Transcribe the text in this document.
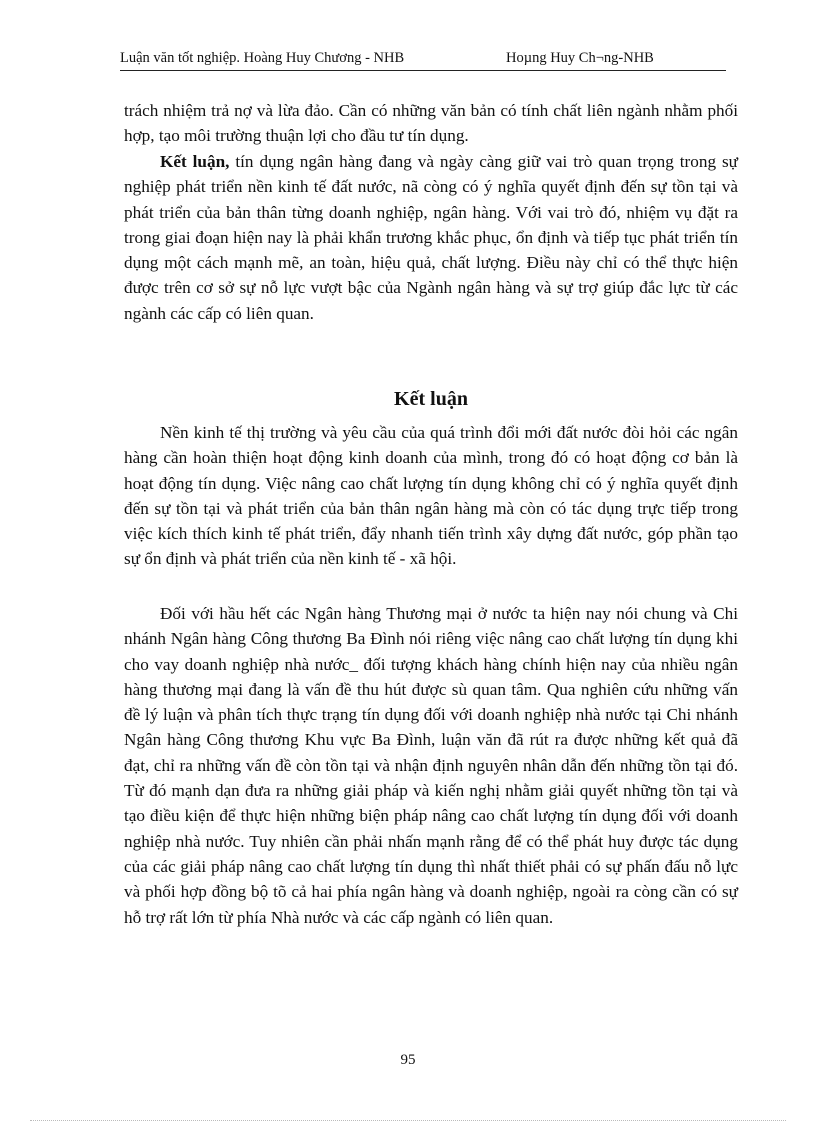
Luận văn tốt nghiệp. Hoàng Huy Chương - NHB	Hoµng Huy Ch¬ng-NHB
trách nhiệm trả nợ và lừa đảo. Cần có những văn bản có tính chất liên ngành nhằm phối hợp, tạo môi trường thuận lợi cho đầu tư tín dụng.
Kết luận, tín dụng ngân hàng đang và ngày càng giữ vai trò quan trọng trong sự nghiệp phát triển nền kinh tế đất nước, nã còng có ý nghĩa quyết định đến sự tồn tại và phát triển của bản thân từng doanh nghiệp, ngân hàng. Với vai trò đó, nhiệm vụ đặt ra trong giai đoạn hiện nay là phải khẩn trương khắc phục, ổn định và tiếp tục phát triển tín dụng một cách mạnh mẽ, an toàn, hiệu quả, chất lượng. Điều này chỉ có thể thực hiện được trên cơ sở sự nỗ lực vượt bậc của Ngành ngân hàng và sự trợ giúp đắc lực từ các ngành các cấp có liên quan.
Kết luận
Nền kinh tế thị trường và yêu cầu của quá trình đổi mới đất nước đòi hỏi các ngân hàng cần hoàn thiện hoạt động kinh doanh của mình, trong đó có hoạt động cơ bản là hoạt động tín dụng. Việc nâng cao chất lượng tín dụng không chỉ có ý nghĩa quyết định đến sự tồn tại và phát triển của bản thân ngân hàng mà còn có tác dụng trực tiếp trong việc kích thích kinh tế phát triển, đẩy nhanh tiến trình xây dựng đất nước, góp phần tạo sự ổn định và phát triển của nền kinh tế - xã hội.
Đối với hầu hết các Ngân hàng Thương mại ở nước ta hiện nay nói chung và Chi nhánh Ngân hàng Công thương Ba Đình nói riêng việc nâng cao chất lượng tín dụng khi cho vay doanh nghiệp nhà nước_ đối tượng khách hàng chính hiện nay của nhiều ngân hàng thương mại đang là vấn đề thu hút được sù quan tâm. Qua nghiên cứu những vấn đề lý luận và phân tích thực trạng tín dụng đối với doanh nghiệp nhà nước tại Chi nhánh Ngân hàng Công thương Khu vực Ba Đình, luận văn đã rút ra được những kết quả đã đạt, chỉ ra những vấn đề còn tồn tại và nhận định nguyên nhân dẫn đến những tồn tại đó. Từ đó mạnh dạn đưa ra những giải pháp và kiến nghị nhằm giải quyết những tồn tại và tạo điều kiện để thực hiện những biện pháp nâng cao chất lượng tín dụng đối với doanh nghiệp nhà nước. Tuy nhiên cần phải nhấn mạnh rằng để có thể phát huy được tác dụng của các giải pháp nâng cao chất lượng tín dụng thì nhất thiết phải có sự phấn đấu nỗ lực và phối hợp đồng bộ tõ cả hai phía ngân hàng và doanh nghiệp, ngoài ra còng cần có sự hỗ trợ rất lớn từ phía Nhà nước và các cấp ngành có liên quan.
95
